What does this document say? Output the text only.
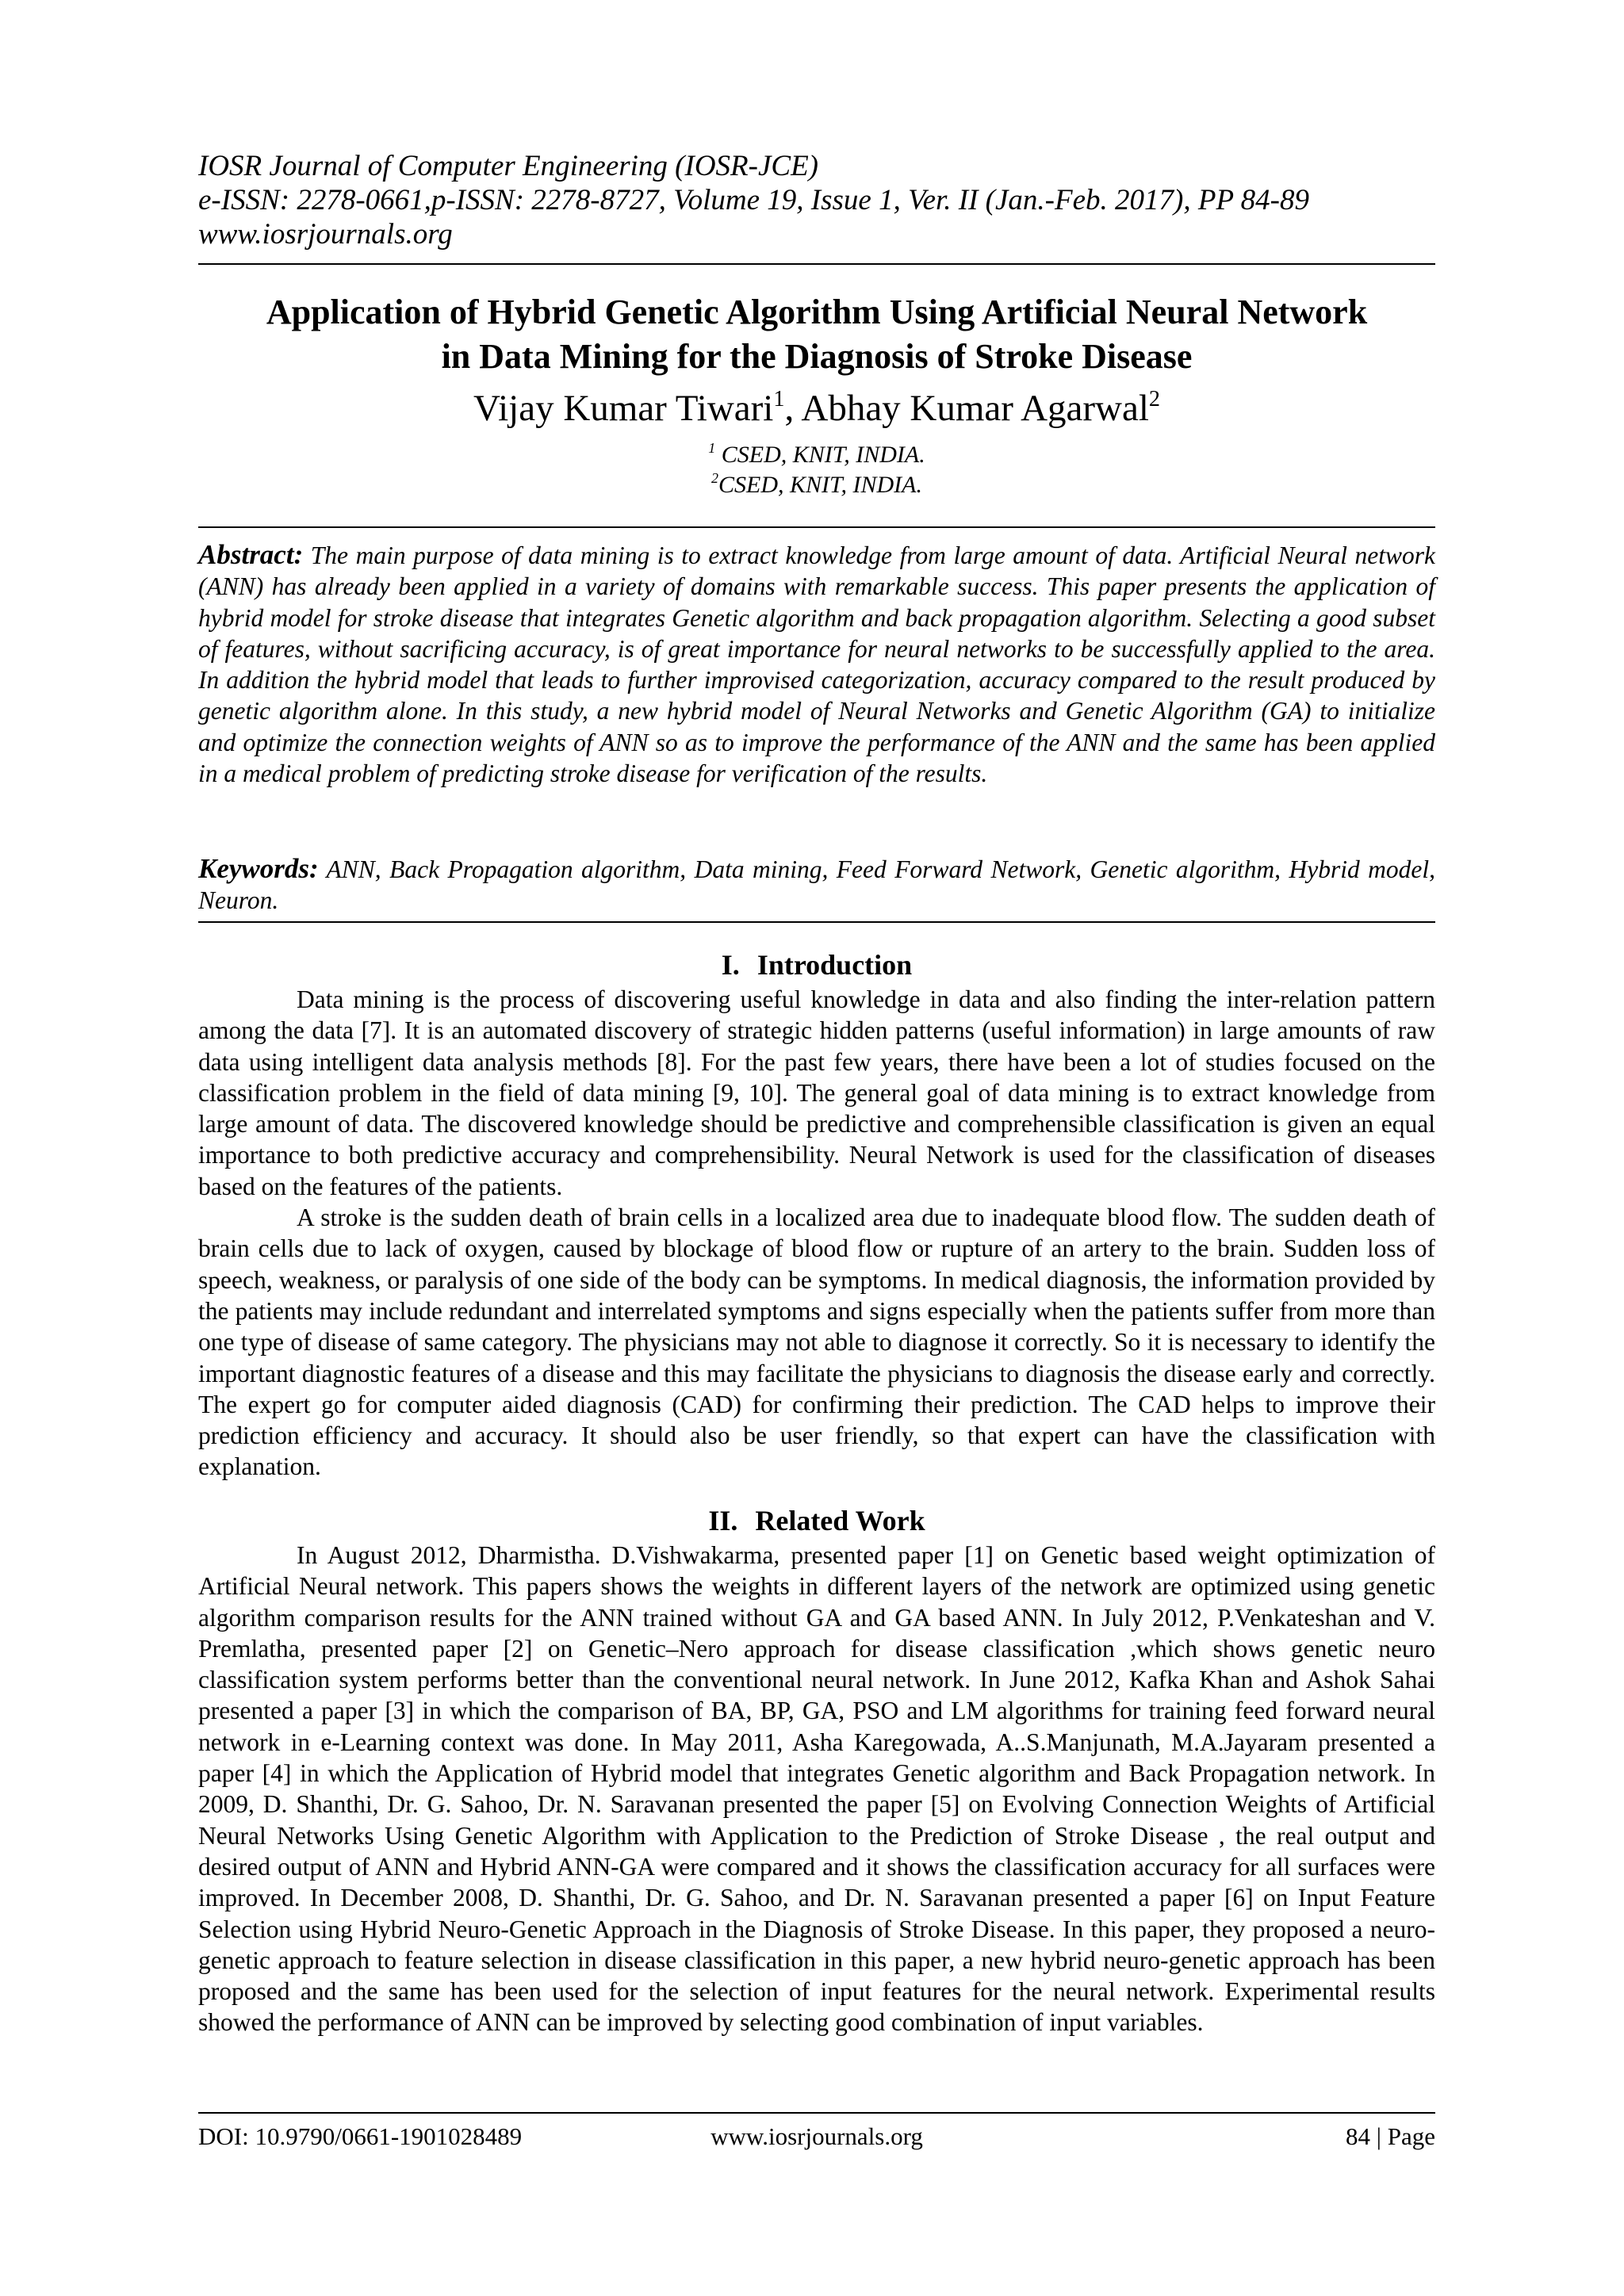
IOSR Journal of Computer Engineering (IOSR-JCE)
e-ISSN: 2278-0661,p-ISSN: 2278-8727, Volume 19, Issue 1, Ver. II (Jan.-Feb. 2017), PP 84-89
www.iosrjournals.org
Application of Hybrid Genetic Algorithm Using Artificial Neural Network
in Data Mining for the Diagnosis of Stroke Disease
Vijay Kumar Tiwari$^1$, Abhay Kumar Agarwal$^2$
$^1$ CSED, KNIT, INDIA.
$^2$CSED, KNIT, INDIA.
Abstract: The main purpose of data mining is to extract knowledge from large amount of data. Artificial Neural network (ANN) has already been applied in a variety of domains with remarkable success. This paper presents the application of hybrid model for stroke disease that integrates Genetic algorithm and back propagation algorithm. Selecting a good subset of features, without sacrificing accuracy, is of great importance for neural networks to be successfully applied to the area. In addition the hybrid model that leads to further improvised categorization, accuracy compared to the result produced by genetic algorithm alone. In this study, a new hybrid model of Neural Networks and Genetic Algorithm (GA) to initialize and optimize the connection weights of ANN so as to improve the performance of the ANN and the same has been applied in a medical problem of predicting stroke disease for verification of the results.
Keywords: ANN, Back Propagation algorithm, Data mining, Feed Forward Network, Genetic algorithm, Hybrid model, Neuron.
I. Introduction

Data mining is the process of discovering useful knowledge in data and also finding the inter-relation pattern among the data [7]. It is an automated discovery of strategic hidden patterns (useful information) in large amounts of raw data using intelligent data analysis methods [8]. For the past few years, there have been a lot of studies focused on the classification problem in the field of data mining [9, 10]. The general goal of data mining is to extract knowledge from large amount of data. The discovered knowledge should be predictive and comprehensible classification is given an equal importance to both predictive accuracy and comprehensibility. Neural Network is used for the classification of diseases based on the features of the patients.

A stroke is the sudden death of brain cells in a localized area due to inadequate blood flow. The sudden death of brain cells due to lack of oxygen, caused by blockage of blood flow or rupture of an artery to the brain. Sudden loss of speech, weakness, or paralysis of one side of the body can be symptoms. In medical diagnosis, the information provided by the patients may include redundant and interrelated symptoms and signs especially when the patients suffer from more than one type of disease of same category. The physicians may not able to diagnose it correctly. So it is necessary to identify the important diagnostic features of a disease and this may facilitate the physicians to diagnosis the disease early and correctly. The expert go for computer aided diagnosis (CAD) for confirming their prediction. The CAD helps to improve their prediction efficiency and accuracy. It should also be user friendly, so that expert can have the classification with explanation.

II. Related Work

In August 2012, Dharmistha. D.Vishwakarma, presented paper [1] on Genetic based weight optimization of Artificial Neural network. This papers shows the weights in different layers of the network are optimized using genetic algorithm comparison results for the ANN trained without GA and GA based ANN. In July 2012, P.Venkateshan and V. Premlatha, presented paper [2] on Genetic–Nero approach for disease classification ,which shows genetic neuro classification system performs better than the conventional neural network. In June 2012, Kafka Khan and Ashok Sahai presented a paper [3] in which the comparison of BA, BP, GA, PSO and LM algorithms for training feed forward neural network in e-Learning context was done. In May 2011, Asha Karegowada, A..S.Manjunath, M.A.Jayaram presented a paper [4] in which the Application of Hybrid model that integrates Genetic algorithm and Back Propagation network. In 2009, D. Shanthi, Dr. G. Sahoo, Dr. N. Saravanan presented the paper [5] on Evolving Connection Weights of Artificial Neural Networks Using Genetic Algorithm with Application to the Prediction of Stroke Disease , the real output and desired output of ANN and Hybrid ANN-GA were compared and it shows the classification accuracy for all surfaces were improved. In December 2008, D. Shanthi, Dr. G. Sahoo, and Dr. N. Saravanan presented a paper [6] on Input Feature Selection using Hybrid Neuro-Genetic Approach in the Diagnosis of Stroke Disease. In this paper, they proposed a neuro-genetic approach to feature selection in disease classification in this paper, a new hybrid neuro-genetic approach has been proposed and the same has been used for the selection of input features for the neural network. Experimental results showed the performance of ANN can be improved by selecting good combination of input variables.

DOI: 10.9790/0661-1901028489	www.iosrjournals.org	84 | Page
